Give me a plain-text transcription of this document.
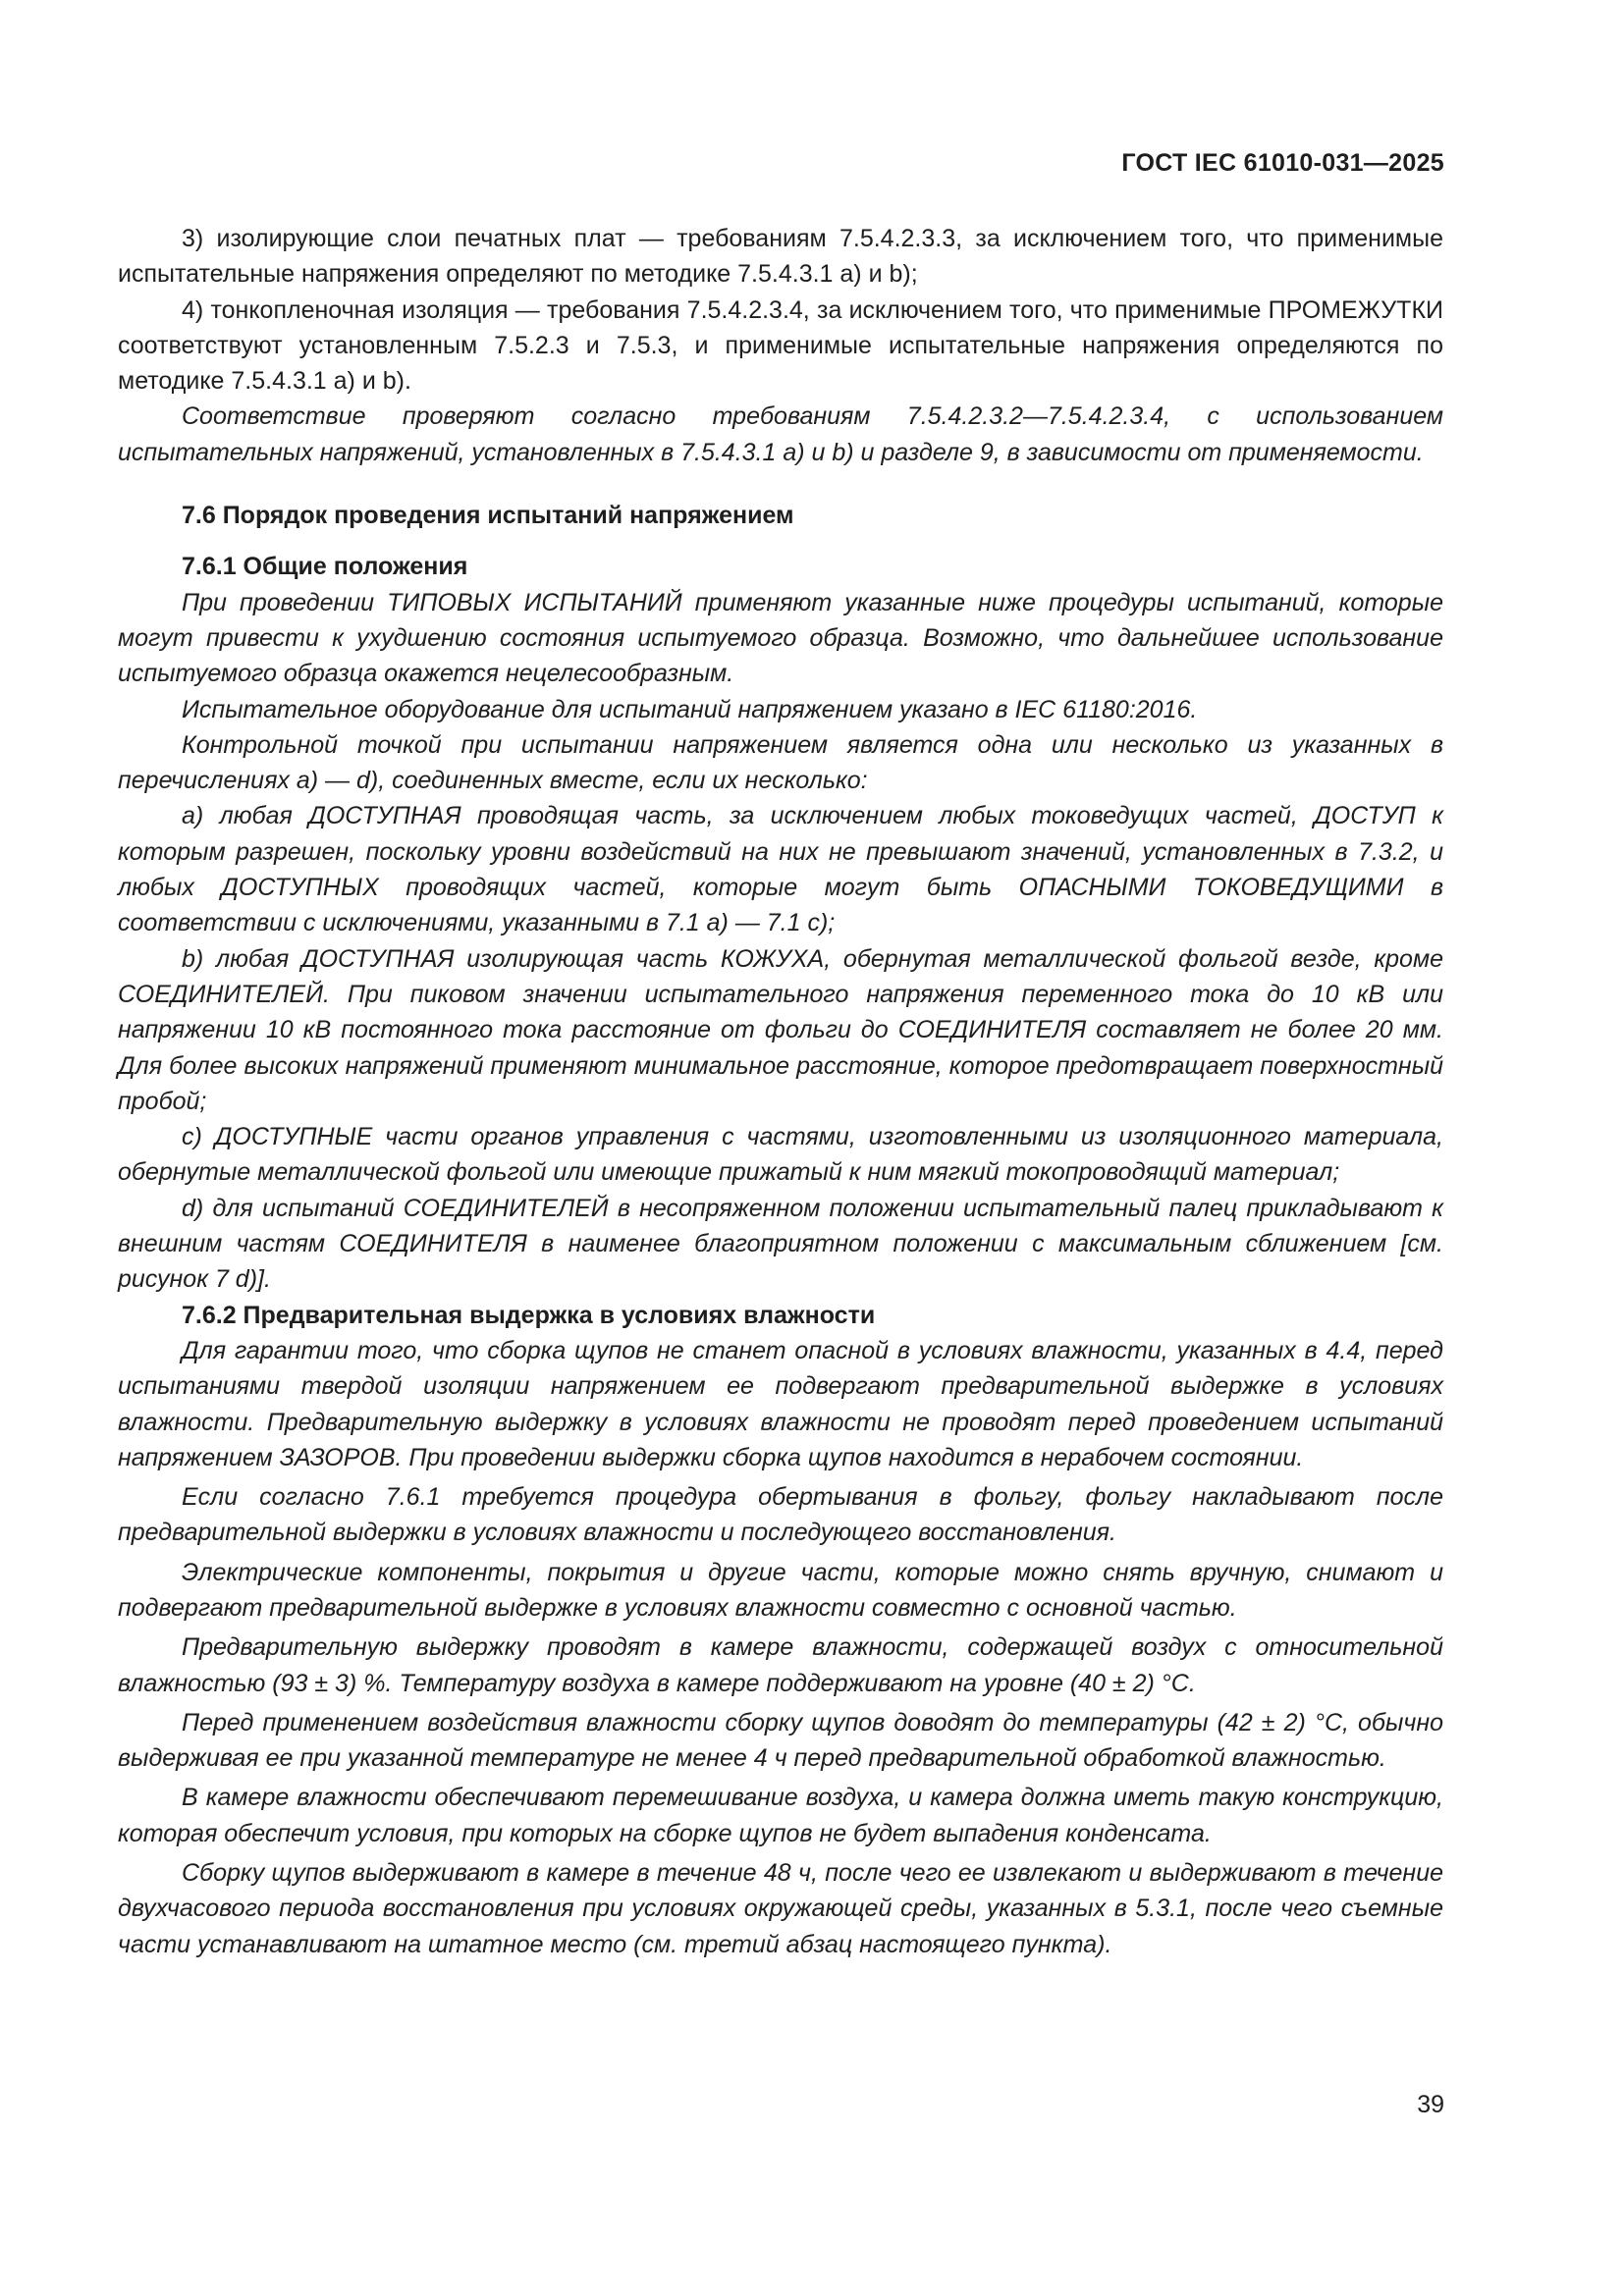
ГОСТ IEC 61010-031—2025

3) изолирующие слои печатных плат — требованиям 7.5.4.2.3.3, за исключением того, что применимые испытательные напряжения определяют по методике 7.5.4.3.1 а) и b);

4) тонкопленочная изоляция — требования 7.5.4.2.3.4, за исключением того, что применимые ПРОМЕЖУТКИ соответствуют установленным 7.5.2.3 и 7.5.3, и применимые испытательные напряжения определяются по методике 7.5.4.3.1 а) и b).

Соответствие проверяют согласно требованиям 7.5.4.2.3.2—7.5.4.2.3.4, с использованием испытательных напряжений, установленных в 7.5.4.3.1 а) и b) и разделе 9, в зависимости от применяемости.

7.6 Порядок проведения испытаний напряжением
7.6.1 Общие положения

При проведении ТИПОВЫХ ИСПЫТАНИЙ применяют указанные ниже процедуры испытаний, которые могут привести к ухудшению состояния испытуемого образца. Возможно, что дальнейшее использование испытуемого образца окажется нецелесообразным.

Испытательное оборудование для испытаний напряжением указано в IEC 61180:2016.

Контрольной точкой при испытании напряжением является одна или несколько из указанных в перечислениях а) — d), соединенных вместе, если их несколько:

а) любая ДОСТУПНАЯ проводящая часть, за исключением любых токоведущих частей, ДОСТУП к которым разрешен, поскольку уровни воздействий на них не превышают значений, установленных в 7.3.2, и любых ДОСТУПНЫХ проводящих частей, которые могут быть ОПАСНЫМИ ТОКОВЕДУЩИМИ в соответствии с исключениями, указанными в 7.1 а) — 7.1 с);

b) любая ДОСТУПНАЯ изолирующая часть КОЖУХА, обернутая металлической фольгой везде, кроме СОЕДИНИТЕЛЕЙ. При пиковом значении испытательного напряжения переменного тока до 10 кВ или напряжении 10 кВ постоянного тока расстояние от фольги до СОЕДИНИТЕЛЯ составляет не более 20 мм. Для более высоких напряжений применяют минимальное расстояние, которое предотвращает поверхностный пробой;

с) ДОСТУПНЫЕ части органов управления с частями, изготовленными из изоляционного материала, обернутые металлической фольгой или имеющие прижатый к ним мягкий токопроводящий материал;

d) для испытаний СОЕДИНИТЕЛЕЙ в несопряженном положении испытательный палец прикладывают к внешним частям СОЕДИНИТЕЛЯ в наименее благоприятном положении с максимальным сближением [см. рисунок 7 d)].

7.6.2 Предварительная выдержка в условиях влажности

Для гарантии того, что сборка щупов не станет опасной в условиях влажности, указанных в 4.4, перед испытаниями твердой изоляции напряжением ее подвергают предварительной выдержке в условиях влажности. Предварительную выдержку в условиях влажности не проводят перед проведением испытаний напряжением ЗАЗОРОВ. При проведении выдержки сборка щупов находится в нерабочем состоянии.

Если согласно 7.6.1 требуется процедура обертывания в фольгу, фольгу накладывают после предварительной выдержки в условиях влажности и последующего восстановления.

Электрические компоненты, покрытия и другие части, которые можно снять вручную, снимают и подвергают предварительной выдержке в условиях влажности совместно с основной частью.

Предварительную выдержку проводят в камере влажности, содержащей воздух с относительной влажностью (93 ± 3) %. Температуру воздуха в камере поддерживают на уровне (40 ± 2) °С.

Перед применением воздействия влажности сборку щупов доводят до температуры (42 ± 2) °С, обычно выдерживая ее при указанной температуре не менее 4 ч перед предварительной обработкой влажностью.

В камере влажности обеспечивают перемешивание воздуха, и камера должна иметь такую конструкцию, которая обеспечит условия, при которых на сборке щупов не будет выпадения конденсата.

Сборку щупов выдерживают в камере в течение 48 ч, после чего ее извлекают и выдерживают в течение двухчасового периода восстановления при условиях окружающей среды, указанных в 5.3.1, после чего съемные части устанавливают на штатное место (см. третий абзац настоящего пункта).

39
